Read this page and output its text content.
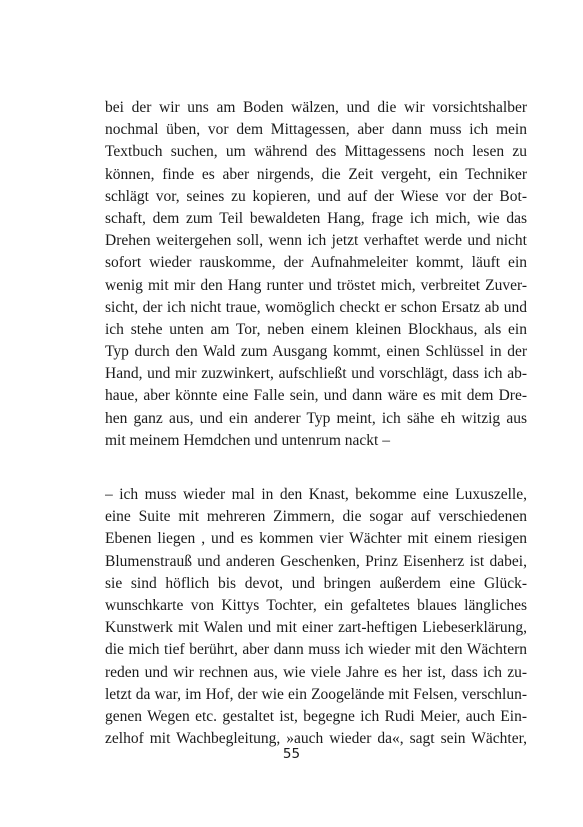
bei der wir uns am Boden wälzen, und die wir vorsichtshalber
nochmal üben, vor dem Mittagessen, aber dann muss ich mein
Textbuch suchen, um während des Mittagessens noch lesen zu
können, finde es aber nirgends, die Zeit vergeht, ein Techniker
schlägt vor, seines zu kopieren, und auf der Wiese vor der Bot-
schaft, dem zum Teil bewaldeten Hang, frage ich mich, wie das
Drehen weitergehen soll, wenn ich jetzt verhaftet werde und nicht
sofort wieder rauskomme, der Aufnahmeleiter kommt, läuft ein
wenig mit mir den Hang runter und tröstet mich, verbreitet Zuver-
sicht, der ich nicht traue, womöglich checkt er schon Ersatz ab und
ich stehe unten am Tor, neben einem kleinen Blockhaus, als ein
Typ durch den Wald zum Ausgang kommt, einen Schlüssel in der
Hand, und mir zuzwinkert, aufschließt und vorschlägt, dass ich ab-
haue, aber könnte eine Falle sein, und dann wäre es mit dem Dre-
hen ganz aus, und ein anderer Typ meint, ich sähe eh witzig aus
mit meinem Hemdchen und untenrum nackt –
– ich muss wieder mal in den Knast, bekomme eine Luxuszelle,
eine Suite mit mehreren Zimmern, die sogar auf verschiedenen
Ebenen liegen , und es kommen vier Wächter mit einem riesigen
Blumenstrauß und anderen Geschenken, Prinz Eisenherz ist dabei,
sie sind höflich bis devot, und bringen außerdem eine Glück-
wunschkarte von Kittys Tochter, ein gefaltetes blaues längliches
Kunstwerk mit Walen und mit einer zart-heftigen Liebeserklärung,
die mich tief berührt, aber dann muss ich wieder mit den Wächtern
reden und wir rechnen aus, wie viele Jahre es her ist, dass ich zu-
letzt da war, im Hof, der wie ein Zoogelände mit Felsen, verschlun-
genen Wegen etc. gestaltet ist, begegne ich Rudi Meier, auch Ein-
zelhof mit Wachbegleitung, »auch wieder da«, sagt sein Wächter,
55
